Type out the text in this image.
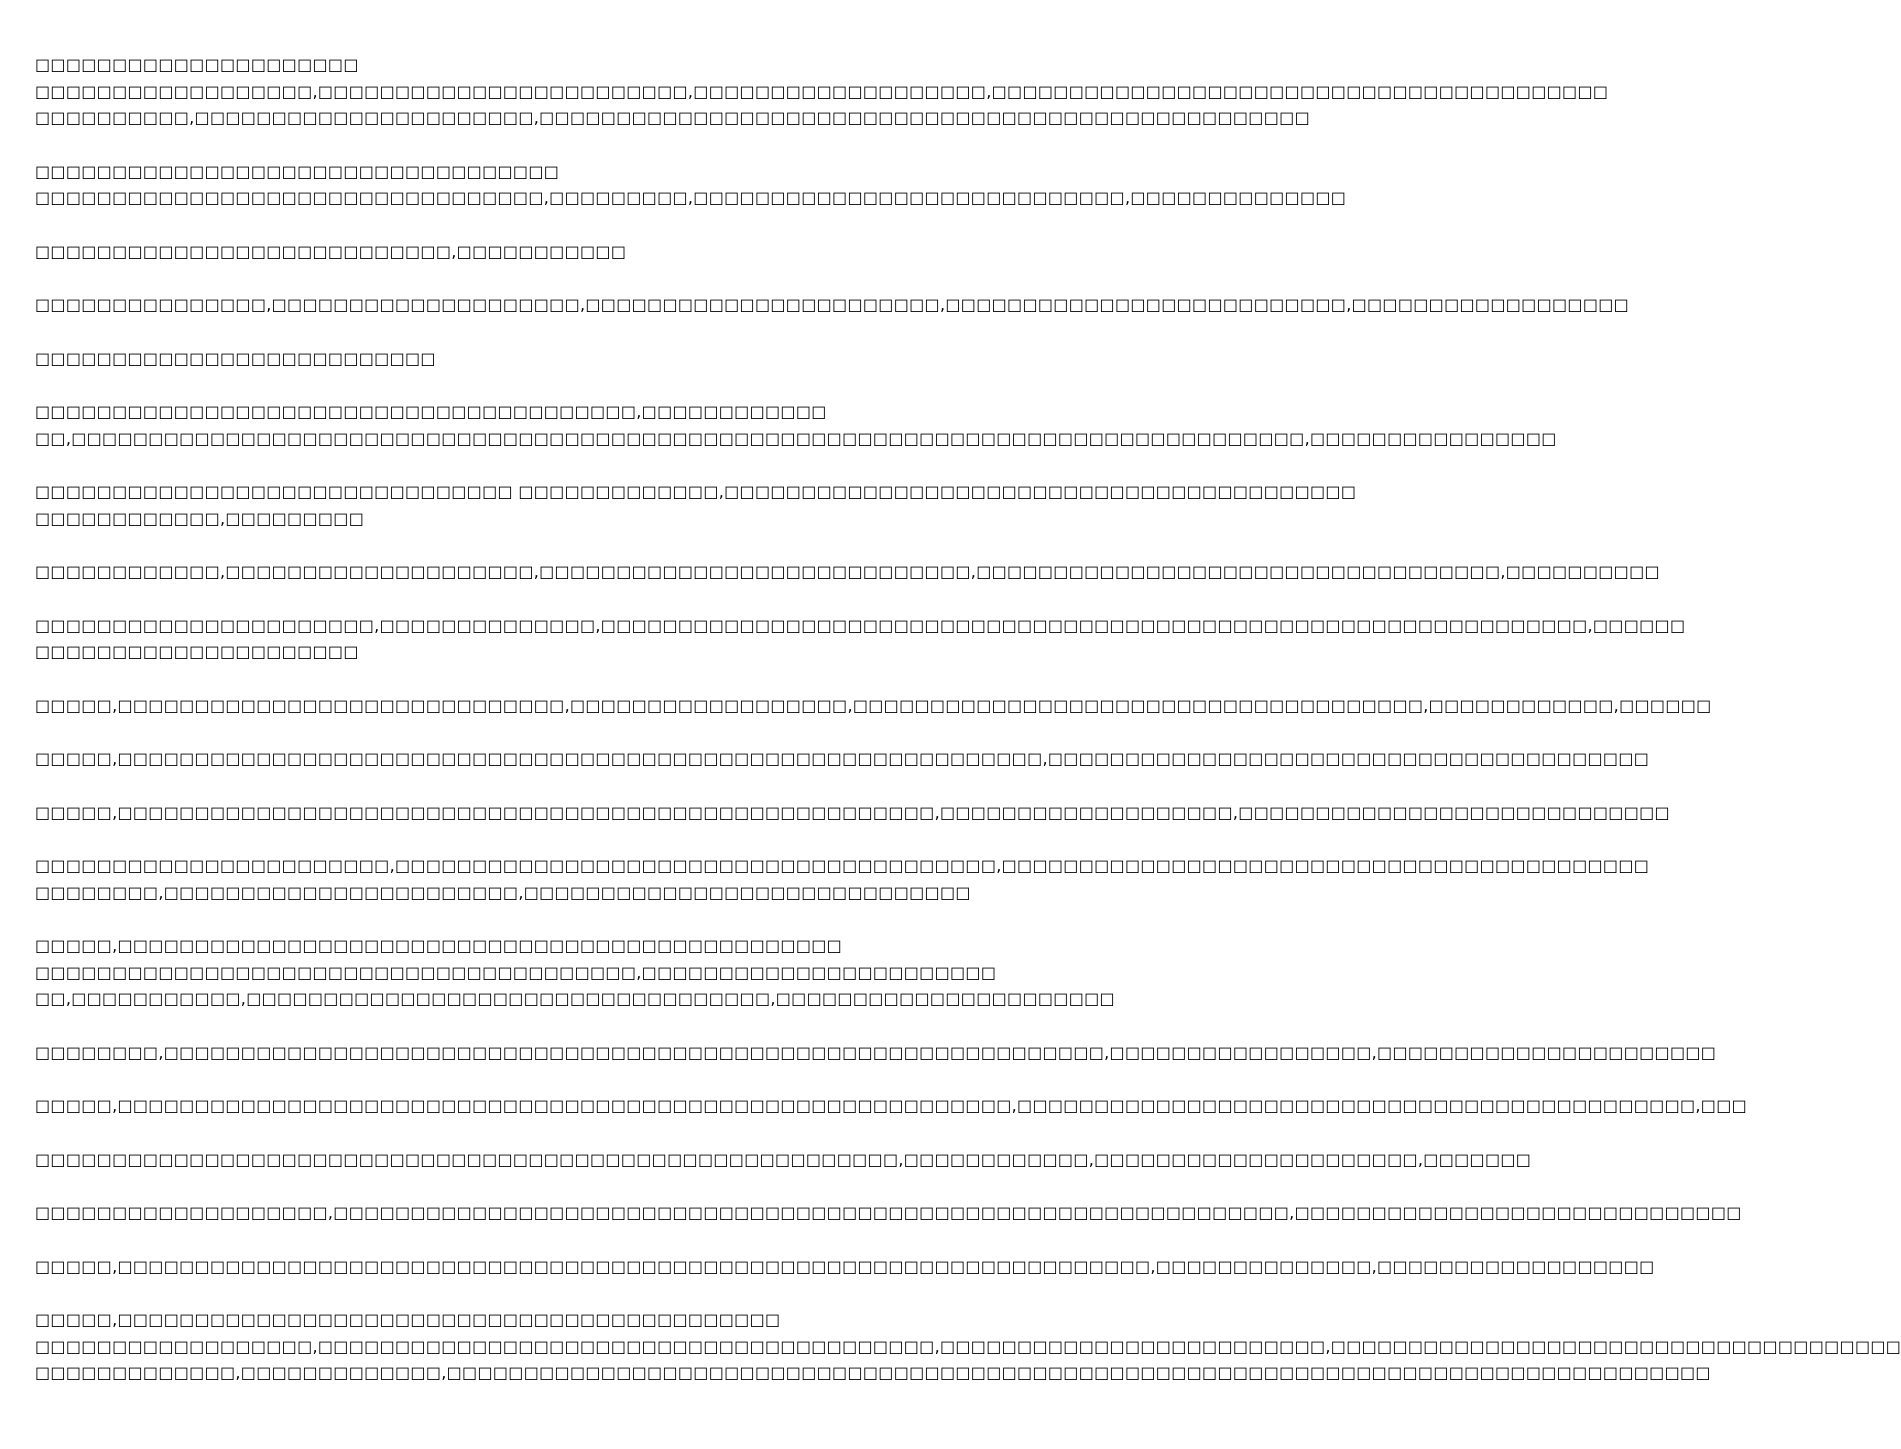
□□□□□□□□□□□□□□□□□□□□□
□□□□□□□□□□□□□□□□□□,□□□□□□□□□□□□□□□□□□□□□□□□,□□□□□□□□□□□□□□□□□□□,□□□□□□□□□□□□□□□□□□□□□□□□□□□□□□□□□□□□□□□□
□□□□□□□□□□,□□□□□□□□□□□□□□□□□□□□□□,□□□□□□□□□□□□□□□□□□□□□□□□□□□□□□□□□□□□□□□□□□□□□□□□□□
□□□□□□□□□□□□□□□□□□□□□□□□□□□□□□□□□□
□□□□□□□□□□□□□□□□□□□□□□□□□□□□□□□□□,□□□□□□□□□,□□□□□□□□□□□□□□□□□□□□□□□□□□□□,□□□□□□□□□□□□□□
□□□□□□□□□□□□□□□□□□□□□□□□□□□,□□□□□□□□□□□
□□□□□□□□□□□□□□□,□□□□□□□□□□□□□□□□□□□□,□□□□□□□□□□□□□□□□□□□□□□□,□□□□□□□□□□□□□□□□□□□□□□□□□□,□□□□□□□□□□□□□□□□□□
□□□□□□□□□□□□□□□□□□□□□□□□□□
□□□□□□□□□□□□□□□□□□□□□□□□□□□□□□□□□□□□□□□,□□□□□□□□□□□□
□□,□□□□□□□□□□□□□□□□□□□□□□□□□□□□□□□□□□□□□□□□□□□□□□□□□□□□□□□□□□□□□□□□□□□□□□□□□□□□□□□□,□□□□□□□□□□□□□□□□
□□□□□□□□□□□□□□□□□□□□□□□□□□□□□□□ □□□□□□□□□□□□□,□□□□□□□□□□□□□□□□□□□□□□□□□□□□□□□□□□□□□□□□□
□□□□□□□□□□□□,□□□□□□□□□
□□□□□□□□□□□□,□□□□□□□□□□□□□□□□□□□□,□□□□□□□□□□□□□□□□□□□□□□□□□□□□,□□□□□□□□□□□□□□□□□□□□□□□□□□□□□□□□□□,□□□□□□□□□□
□□□□□□□□□□□□□□□□□□□□□□,□□□□□□□□□□□□□□,□□□□□□□□□□□□□□□□□□□□□□□□□□□□□□□□□□□□□□□□□□□□□□□□□□□□□□□□□□□□□□□□,□□□□□□
□□□□□□□□□□□□□□□□□□□□□
□□□□□,□□□□□□□□□□□□□□□□□□□□□□□□□□□□□,□□□□□□□□□□□□□□□□□□,□□□□□□□□□□□□□□□□□□□□□□□□□□□□□□□□□□□□□,□□□□□□□□□□□□,□□□□□□
□□□□□,□□□□□□□□□□□□□□□□□□□□□□□□□□□□□□□□□□□□□□□□□□□□□□□□□□□□□□□□□□□□,□□□□□□□□□□□□□□□□□□□□□□□□□□□□□□□□□□□□□□□
□□□□□,□□□□□□□□□□□□□□□□□□□□□□□□□□□□□□□□□□□□□□□□□□□□□□□□□□□□□,□□□□□□□□□□□□□□□□□□□,□□□□□□□□□□□□□□□□□□□□□□□□□□□□
□□□□□□□□□□□□□□□□□□□□□□□,□□□□□□□□□□□□□□□□□□□□□□□□□□□□□□□□□□□□□□□,□□□□□□□□□□□□□□□□□□□□□□□□□□□□□□□□□□□□□□□□□□
□□□□□□□□,□□□□□□□□□□□□□□□□□□□□□□□,□□□□□□□□□□□□□□□□□□□□□□□□□□□□□
□□□□□,□□□□□□□□□□□□□□□□□□□□□□□□□□□□□□□□□□□□□□□□□□□□□□□
□□□□□□□□□□□□□□□□□□□□□□□□□□□□□□□□□□□□□□□,□□□□□□□□□□□□□□□□□□□□□□□
□□,□□□□□□□□□□□,□□□□□□□□□□□□□□□□□□□□□□□□□□□□□□□□□□,□□□□□□□□□□□□□□□□□□□□□□
□□□□□□□□,□□□□□□□□□□□□□□□□□□□□□□□□□□□□□□□□□□□□□□□□□□□□□□□□□□□□□□□□□□□□□,□□□□□□□□□□□□□□□□□,□□□□□□□□□□□□□□□□□□□□□□
□□□□□,□□□□□□□□□□□□□□□□□□□□□□□□□□□□□□□□□□□□□□□□□□□□□□□□□□□□□□□□□□,□□□□□□□□□□□□□□□□□□□□□□□□□□□□□□□□□□□□□□□□□□□□,□□□
□□□□□□□□□□□□□□□□□□□□□□□□□□□□□□□□□□□□□□□□□□□□□□□□□□□□□□□□,□□□□□□□□□□□□,□□□□□□□□□□□□□□□□□□□□□,□□□□□□□
□□□□□□□□□□□□□□□□□□□,□□□□□□□□□□□□□□□□□□□□□□□□□□□□□□□□□□□□□□□□□□□□□□□□□□□□□□□□□□□□□□,□□□□□□□□□□□□□□□□□□□□□□□□□□□□□
□□□□□,□□□□□□□□□□□□□□□□□□□□□□□□□□□□□□□□□□□□□□□□□□□□□□□□□□□□□□□□□□□□□□□□□□□,□□□□□□□□□□□□□□,□□□□□□□□□□□□□□□□□□
□□□□□,□□□□□□□□□□□□□□□□□□□□□□□□□□□□□□□□□□□□□□□□□□□
□□□□□□□□□□□□□□□□□□,□□□□□□□□□□□□□□□□□□□□□□□□□□□□□□□□□□□□□□□□,□□□□□□□□□□□□□□□□□□□□□□□□□,□□□□□□□□□□□□□□□□□□□□□□□□□□□□□□□□□□□□□
□□□□□□□□□□□□□,□□□□□□□□□□□□□,□□□□□□□□□□□□□□□□□□□□□□□□□□□□□□□□□□□□□□□□□□□□□□□□□□□□□□□□□□□□□□□□□□□□□□□□□□□□□□□□□□
